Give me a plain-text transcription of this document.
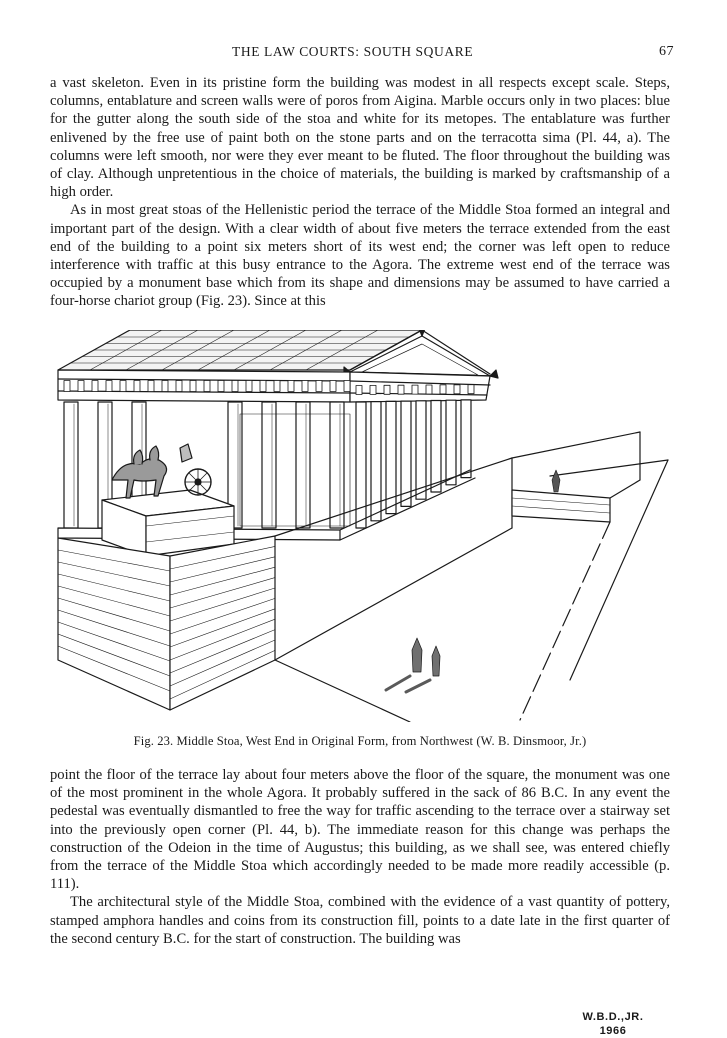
THE LAW COURTS: SOUTH SQUARE	67

a vast skeleton. Even in its pristine form the building was modest in all respects except scale. Steps, columns, entablature and screen walls were of poros from Aigina. Marble occurs only in two places: blue for the gutter along the south side of the stoa and white for its metopes. The entablature was further enlivened by the free use of paint both on the stone parts and on the terracotta sima (Pl. 44, a). The columns were left smooth, nor were they ever meant to be fluted. The floor throughout the building was of clay. Although unpretentious in the choice of materials, the building is marked by craftsmanship of a high order.

As in most great stoas of the Hellenistic period the terrace of the Middle Stoa formed an integral and important part of the design. With a clear width of about five meters the terrace extended from the east end of the building to a point six meters short of its west end; the corner was left open to reduce interference with traffic at this busy entrance to the Agora. The extreme west end of the terrace was occupied by a monument base which from its shape and dimensions may be assumed to have carried a four-horse chariot group (Fig. 23). Since at this

W.B.D.,JR.
1966
Fig. 23. Middle Stoa, West End in Original Form, from Northwest (W. B. Dinsmoor, Jr.)

point the floor of the terrace lay about four meters above the floor of the square, the monument was one of the most prominent in the whole Agora. It probably suffered in the sack of 86 B.C. In any event the pedestal was eventually dismantled to free the way for traffic ascending to the terrace over a stairway set into the previously open corner (Pl. 44, b). The immediate reason for this change was perhaps the construction of the Odeion in the time of Augustus; this building, as we shall see, was entered chiefly from the terrace of the Middle Stoa which accordingly needed to be made more readily accessible (p. 111).

The architectural style of the Middle Stoa, combined with the evidence of a vast quantity of pottery, stamped amphora handles and coins from its construction fill, points to a date late in the first quarter of the second century B.C. for the start of construction. The building was
